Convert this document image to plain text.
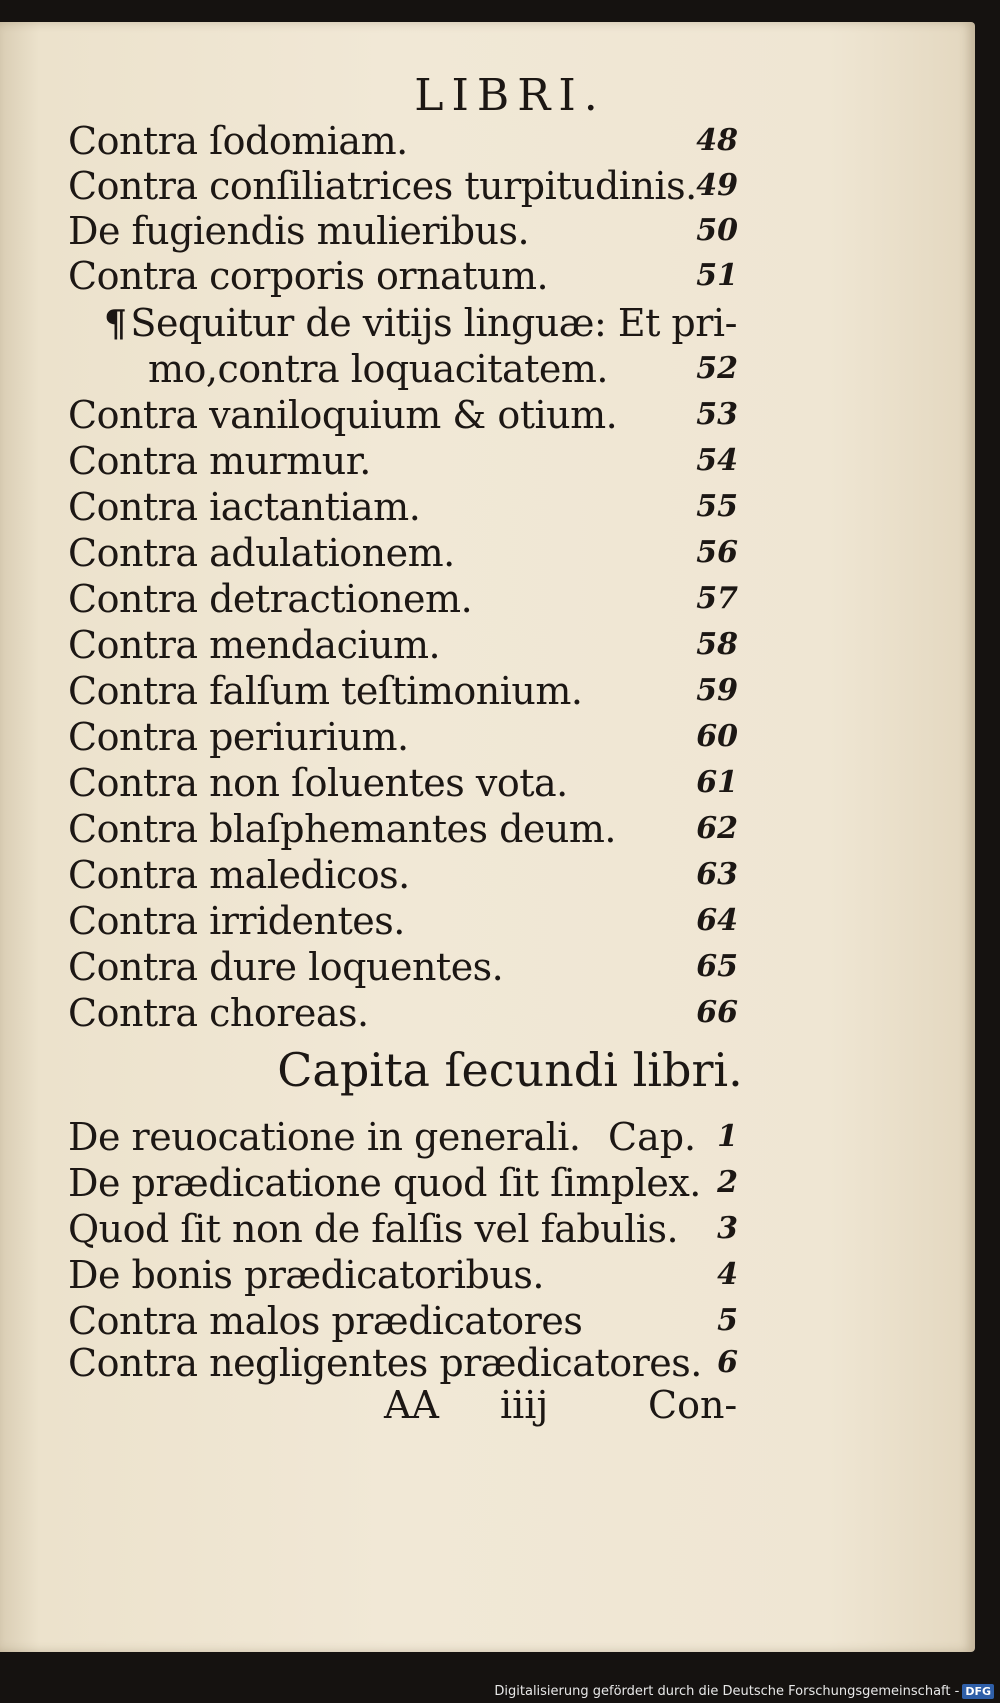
LIBRI.
Contra ſodomiam.	48
Contra conſiliatrices turpitudinis. 49
De fugiendis mulieribus.	50
Contra corporis ornatum.	51
¶ Sequitur de vitijs linguæ: Et pri-
mo,contra loquacitatem.	52
Contra vaniloquium & otium.	53
Contra murmur.	54
Contra iactantiam.	55
Contra adulationem.	56
Contra detractionem.	57
Contra mendacium.	58
Contra falſum teſtimonium.	59
Contra periurium.	60
Contra non ſoluentes vota.	61
Contra blaſphemantes deum.	62
Contra maledicos.	63
Contra irridentes.	64
Contra dure loquentes.	65
Contra choreas.	66
Capita ſecundi libri.
De reuocatione in generali. Cap. 1
De prædicatione quod ſit ſimplex. 2
Quod ſit non de falſis vel fabulis. 3
De bonis prædicatoribus.	4
Contra malos prædicatores	5
Contra negligentes prædicatores. 6
AA iiij	Con-
Digitalisierung gefördert durch die Deutsche Forschungsgemeinschaft - DFG
